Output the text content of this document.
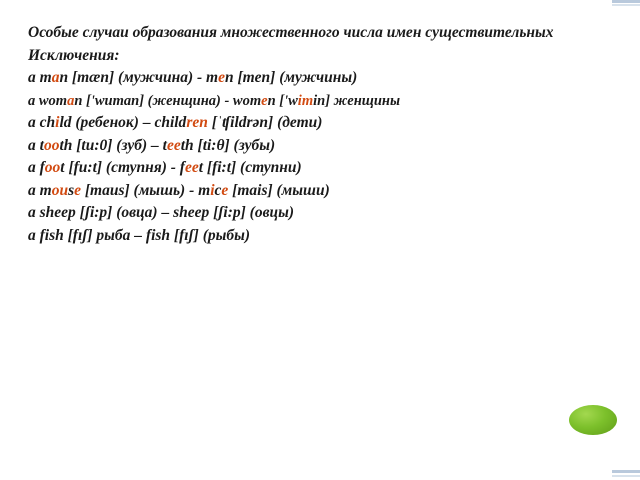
Особые случаи образования множественного числа имен существительных
Исключения:
a man [mæn] (мужчина) - men [men] (мужчины)
a woman ['wuman] (женщина) - women ['wimin] женщины
a child (ребенок) – children [ˈʧildrən] (дети)
a tooth [tu:0] (зуб) – teeth [ti:θ] (зубы)
a foot [fu:t] (ступня) - feet [fi:t] (ступни)
a mouse [maus] (мышь) - mice [mais] (мыши)
a sheep [ʃi:p] (овца) – sheep [ʃi:p] (овцы)
a fish [fıʃ] рыба – fish [fıʃ] (рыбы)
